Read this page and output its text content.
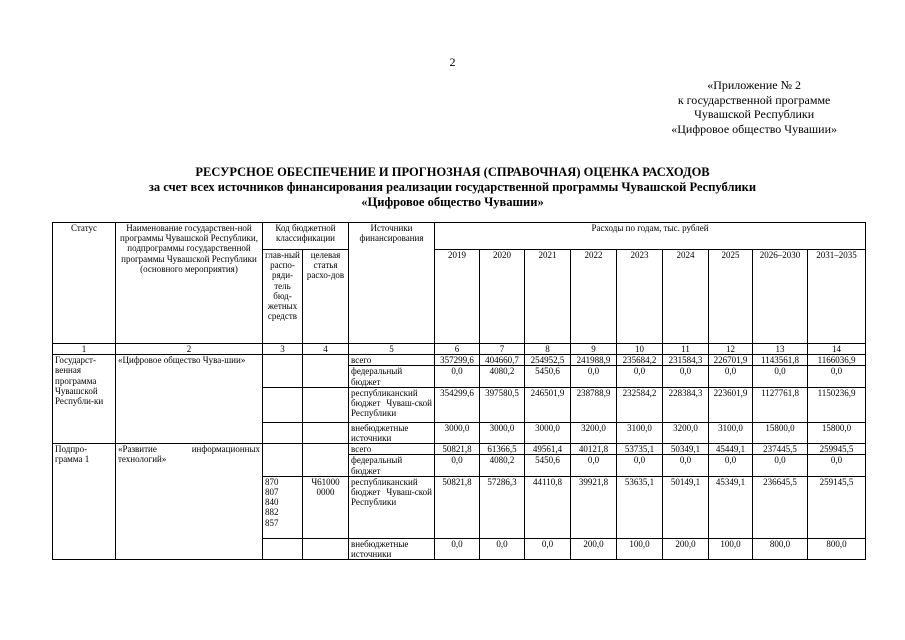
2
«Приложение № 2
к государственной программе
Чувашской Республики
«Цифровое общество Чувашии»
РЕСУРСНОЕ ОБЕСПЕЧЕНИЕ И ПРОГНОЗНАЯ (СПРАВОЧНАЯ) ОЦЕНКА РАСХОДОВ
за счет всех источников финансирования реализации государственной программы Чувашской Республики
«Цифровое общество Чувашии»
Статус	Наименование государствен-ной программы Чувашской Республики, подпрограммы государственной программы Чувашской Республики (основного мероприятия)	Код бюджетной классификации		Источники финансирования	Расходы по годам, тыс. рублей								
		глав-ный распо-ряди-тель бюд-жетных средств	целевая статья расхо-дов		2019	2020	2021	2022	2023	2024	2025	2026–2030	2031–2035
1	2	3	4	5	6	7	8	9	10	11	12	13	14
Государст-венная программа Чувашской Республи-ки	«Цифровое общество Чува-шии»			всего	357299,6	404660,7	254952,5	241988,9	235684,2	231584,3	226701,9	1143561,8	1166036,9
				федеральный бюджет	0,0	4080,2	5450,6	0,0	0,0	0,0	0,0	0,0	0,0
				республиканский бюджет Чуваш-ской Республики	354299,6	397580,5	246501,9	238788,9	232584,2	228384,3	223601,9	1127761,8	1150236,9
				внебюджетные источники	3000,0	3000,0	3000,0	3200,0	3100,0	3200,0	3100,0	15800,0	15800,0
Подпро-грамма 1	«Развитие информационных технологий»			всего	50821,8	61366,5	49561,4	40121,8	53735,1	50349,1	45449,1	237445,5	259945,5
				федеральный бюджет	0,0	4080,2	5450,6	0,0	0,0	0,0	0,0	0,0	0,0
		870
807
840
882
857	Ч61000 0000	республиканский бюджет Чуваш-ской Республики	50821,8	57286,3	44110,8	39921,8	53635,1	50149,1	45349,1	236645,5	259145,5
				внебюджетные источники	0,0	0,0	0,0	200,0	100,0	200,0	100,0	800,0	800,0
